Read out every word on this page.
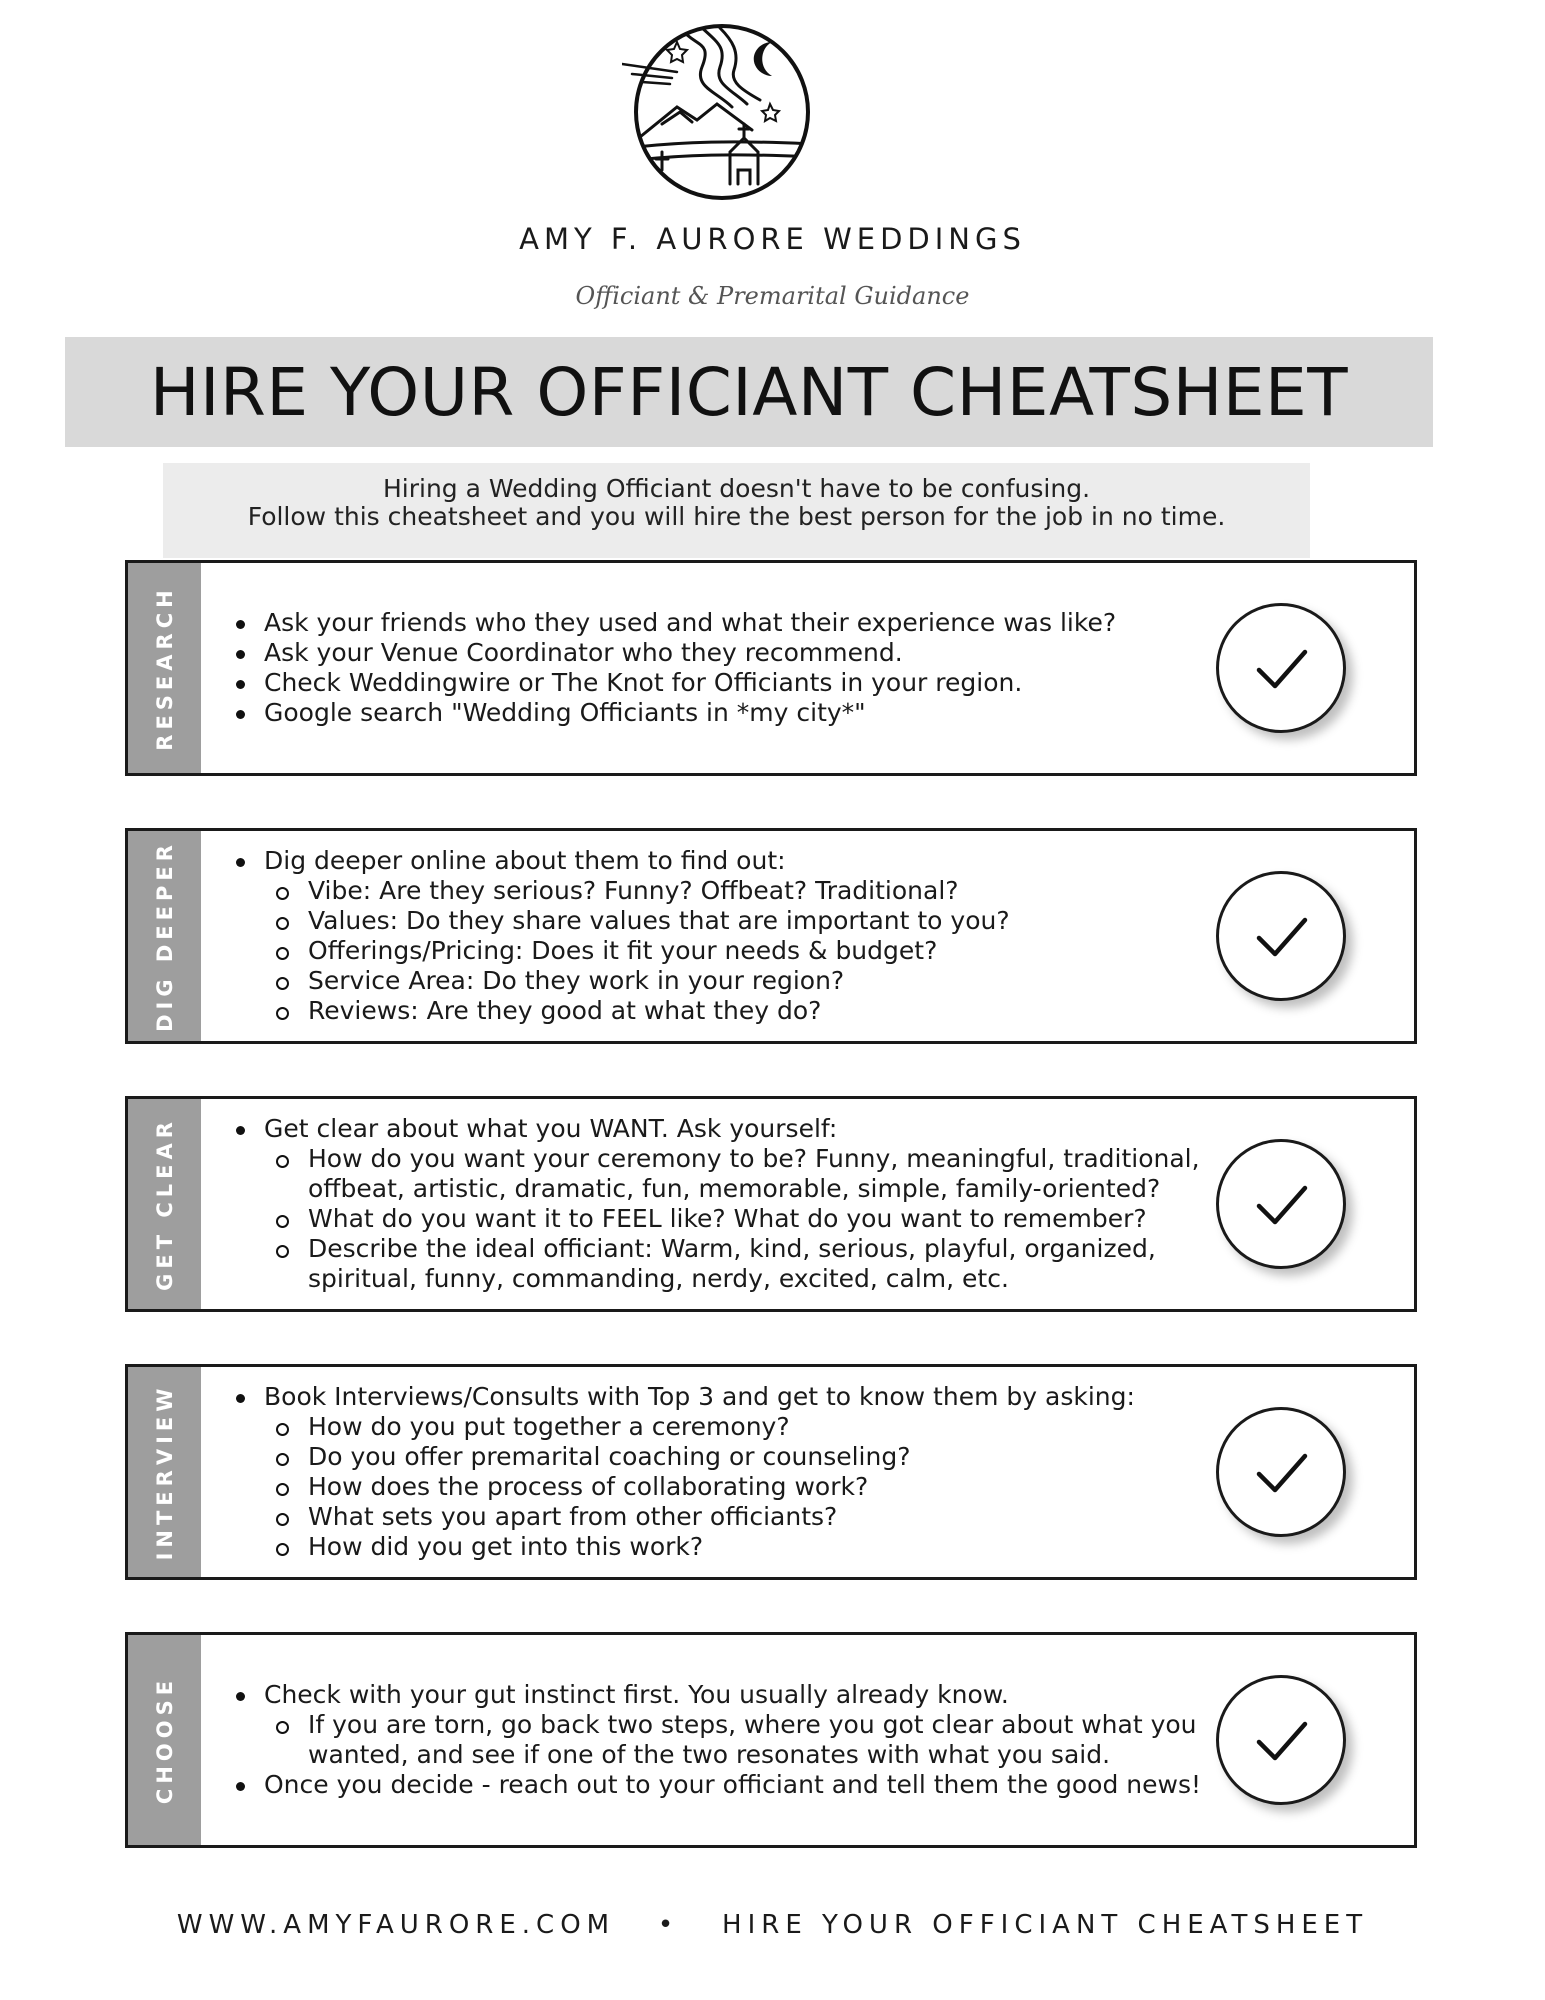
AMY F. AURORE WEDDINGS
Officiant & Premarital Guidance
HIRE YOUR OFFICIANT CHEATSHEET
Hiring a Wedding Officiant doesn't have to be confusing.
Follow this cheatsheet and you will hire the best person for the job in no time.
RESEARCH	Ask your friends who they used and what their experience was like?
Ask your Venue Coordinator who they recommend.
Check Weddingwire or The Knot for Officiants in your region.
Google search "Wedding Officiants in *my city*"
DIG DEEPER	Dig deeper online about them to find out:
Vibe: Are they serious? Funny? Offbeat? Traditional?
Values: Do they share values that are important to you?
Offerings/Pricing: Does it fit your needs & budget?
Service Area: Do they work in your region?
Reviews: Are they good at what they do?
GET CLEAR	Get clear about what you WANT. Ask yourself:
How do you want your ceremony to be? Funny, meaningful, traditional, offbeat, artistic, dramatic, fun, memorable, simple, family-oriented?
What do you want it to FEEL like? What do you want to remember?
Describe the ideal officiant: Warm, kind, serious, playful, organized, spiritual, funny, commanding, nerdy, excited, calm, etc.
INTERVIEW	Book Interviews/Consults with Top 3 and get to know them by asking:
How do you put together a ceremony?
Do you offer premarital coaching or counseling?
How does the process of collaborating work?
What sets you apart from other officiants?
How did you get into this work?
CHOOSE	Check with your gut instinct first. You usually already know.
If you are torn, go back two steps, where you got clear about what you wanted, and see if one of the two resonates with what you said.
Once you decide - reach out to your officiant and tell them the good news!
WWW.AMYFAURORE.COM   •   HIRE YOUR OFFICIANT CHEATSHEET
